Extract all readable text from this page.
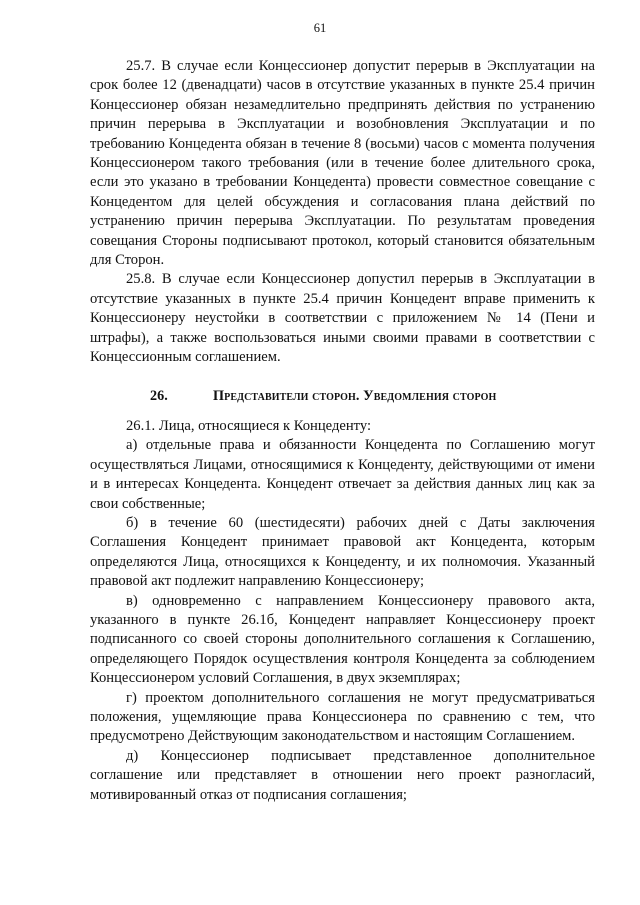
61

25.7. В случае если Концессионер допустит перерыв в Эксплуатации на срок более 12 (двенадцати) часов в отсутствие указанных в пункте 25.4 причин Концессионер обязан незамедлительно предпринять действия по устранению причин перерыва в Эксплуатации и возобновления Эксплуатации и по требованию Концедента обязан в течение 8 (восьми) часов с момента получения Концессионером такого требования (или в течение более длительного срока, если это указано в требовании Концедента) провести совместное совещание с Концедентом для целей обсуждения и согласования плана действий по устранению причин перерыва Эксплуатации. По результатам проведения совещания Стороны подписывают протокол, который становится обязательным для Сторон.

25.8. В случае если Концессионер допустил перерыв в Эксплуатации в отсутствие указанных в пункте 25.4 причин Концедент вправе применить к Концессионеру неустойки в соответствии с приложением № 14 (Пени и штрафы), а также воспользоваться иными своими правами в соответствии с Концессионным соглашением.

26.	Представители сторон. Уведомления сторон

26.1. Лица, относящиеся к Концеденту:

а) отдельные права и обязанности Концедента по Соглашению могут осуществляться Лицами, относящимися к Концеденту, действующими от имени и в интересах Концедента. Концедент отвечает за действия данных лиц как за свои собственные;

б) в течение 60 (шестидесяти) рабочих дней с Даты заключения Соглашения Концедент принимает правовой акт Концедента, которым определяются Лица, относящихся к Концеденту, и их полномочия. Указанный правовой акт подлежит направлению Концессионеру;

в) одновременно с направлением Концессионеру правового акта, указанного в пункте 26.1б, Концедент направляет Концессионеру проект подписанного со своей стороны дополнительного соглашения к Соглашению, определяющего Порядок осуществления контроля Концедента за соблюдением Концессионером условий Соглашения, в двух экземплярах;

г) проектом дополнительного соглашения не могут предусматриваться положения, ущемляющие права Концессионера по сравнению с тем, что предусмотрено Действующим законодательством и настоящим Соглашением.

д) Концессионер подписывает представленное дополнительное соглашение или представляет в отношении него проект разногласий, мотивированный отказ от подписания соглашения;
